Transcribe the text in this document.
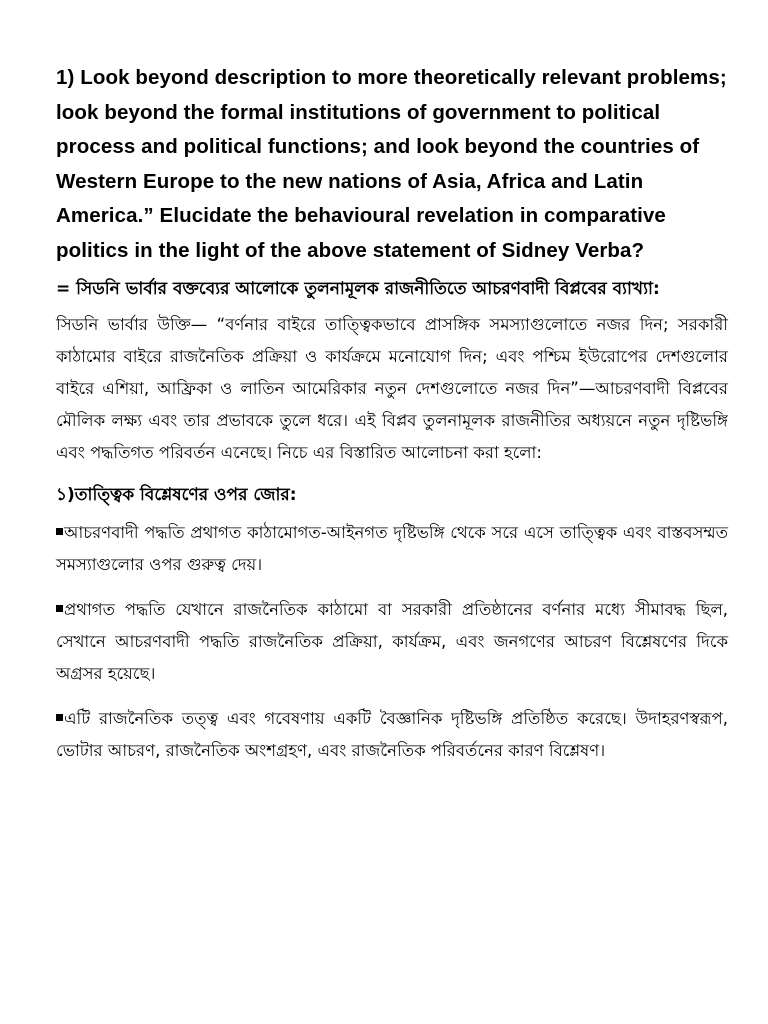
1) Look beyond description to more theoretically relevant problems; look beyond the formal institutions of government to political process and political functions; and look beyond the countries of Western Europe to the new nations of Asia, Africa and Latin America.” Elucidate the behavioural revelation in comparative politics in the light of the above statement of Sidney Verba?

= সিডনি ভার্বার বক্তব্যের আলোকে তুলনামূলক রাজনীতিতে আচরণবাদী বিপ্লবের ব্যাখ্যা:

সিডনি ভার্বার উক্তি— “বর্ণনার বাইরে তাত্ত্বিকভাবে প্রাসঙ্গিক সমস্যাগুলোতে নজর দিন; সরকারী কাঠামোর বাইরে রাজনৈতিক প্রক্রিয়া ও কার্যক্রমে মনোযোগ দিন; এবং পশ্চিম ইউরোপের দেশগুলোর বাইরে এশিয়া, আফ্রিকা ও লাতিন আমেরিকার নতুন দেশগুলোতে নজর দিন”—আচরণবাদী বিপ্লবের মৌলিক লক্ষ্য এবং তার প্রভাবকে তুলে ধরে। এই বিপ্লব তুলনামূলক রাজনীতির অধ্যয়নে নতুন দৃষ্টিভঙ্গি এবং পদ্ধতিগত পরিবর্তন এনেছে। নিচে এর বিস্তারিত আলোচনা করা হলো:

১)তাত্ত্বিক বিশ্লেষণের ওপর জোর:

আচরণবাদী পদ্ধতি প্রথাগত কাঠামোগত-আইনগত দৃষ্টিভঙ্গি থেকে সরে এসে তাত্ত্বিক এবং বাস্তবসম্মত সমস্যাগুলোর ওপর গুরুত্ব দেয়।

প্রথাগত পদ্ধতি যেখানে রাজনৈতিক কাঠামো বা সরকারী প্রতিষ্ঠানের বর্ণনার মধ্যে সীমাবদ্ধ ছিল, সেখানে আচরণবাদী পদ্ধতি রাজনৈতিক প্রক্রিয়া, কার্যক্রম, এবং জনগণের আচরণ বিশ্লেষণের দিকে অগ্রসর হয়েছে।

এটি রাজনৈতিক তত্ত্ব এবং গবেষণায় একটি বৈজ্ঞানিক দৃষ্টিভঙ্গি প্রতিষ্ঠিত করেছে। উদাহরণস্বরূপ, ভোটার আচরণ, রাজনৈতিক অংশগ্রহণ, এবং রাজনৈতিক পরিবর্তনের কারণ বিশ্লেষণ।
